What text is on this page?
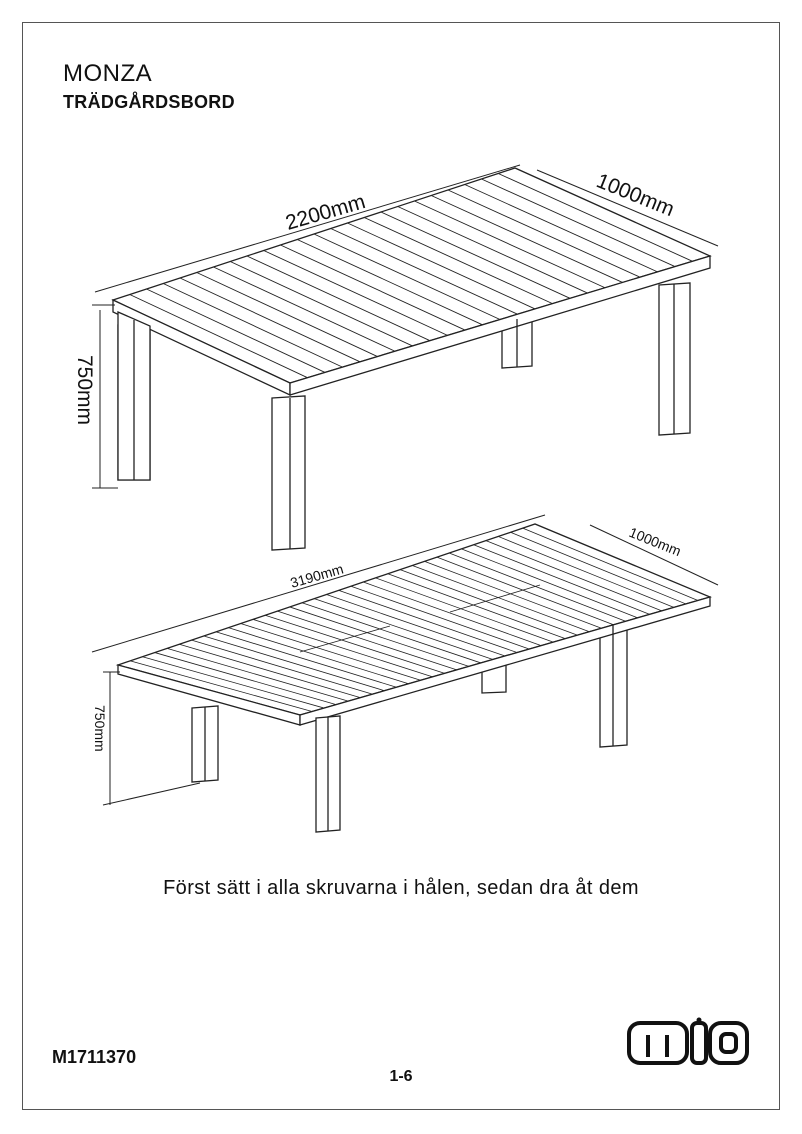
MONZA
TRÄDGÅRDSBORD
2200mm	1000mm
750mm
3190mm
1000mm
750mm
Först sätt i alla skruvarna i hålen, sedan dra åt dem
M1711370
1-6
